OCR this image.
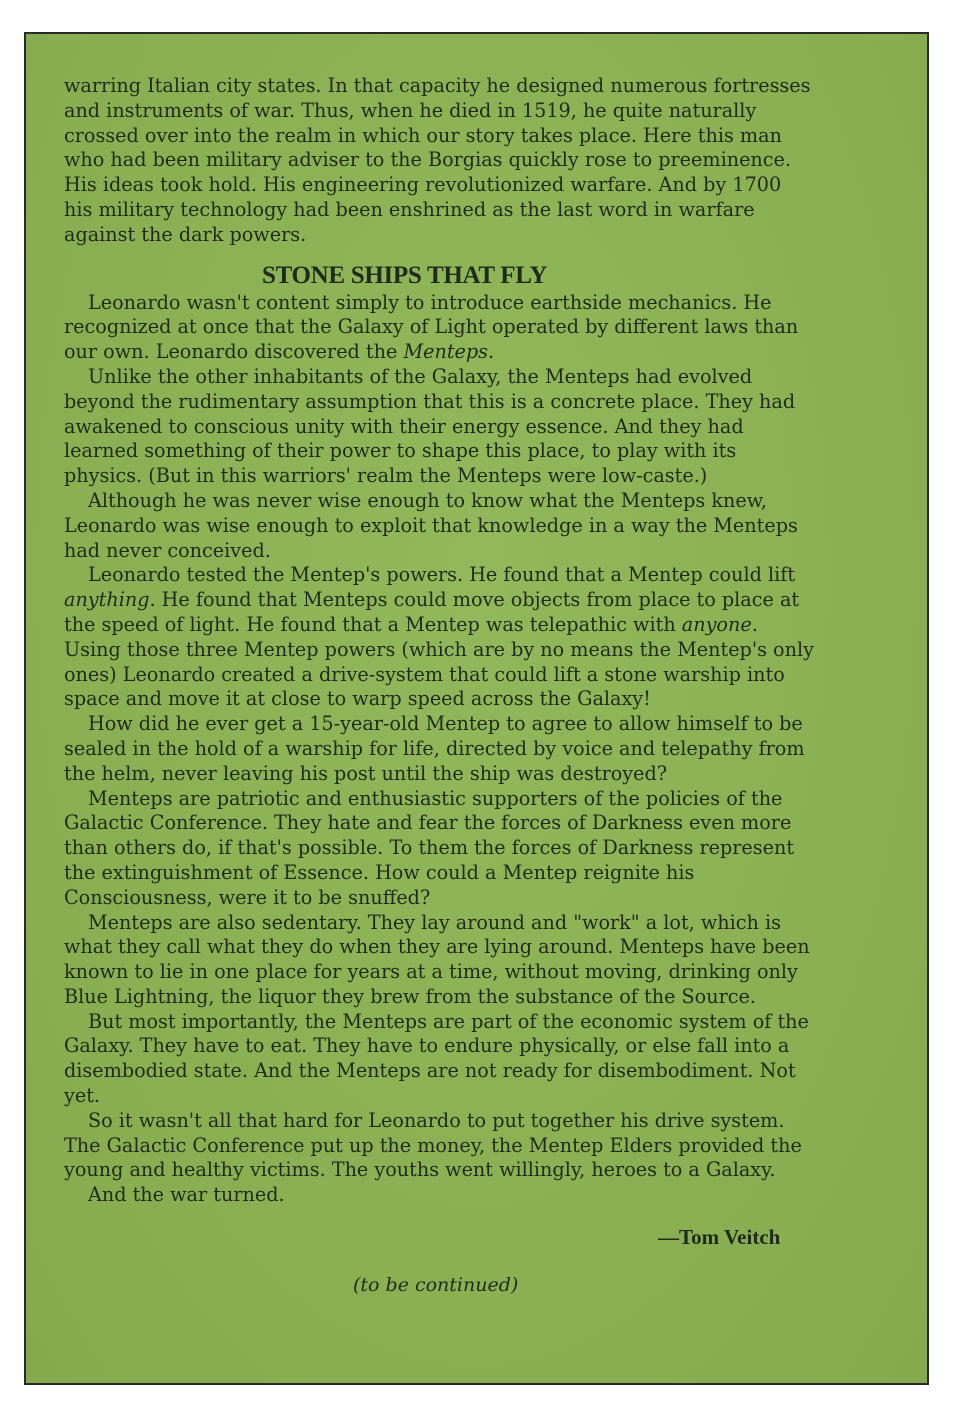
warring Italian city states. In that capacity he designed numerous fortresses and instruments of war. Thus, when he died in 1519, he quite naturally crossed over into the realm in which our story takes place. Here this man who had been military adviser to the Borgias quickly rose to preeminence. His ideas took hold. His engineering revolutionized warfare. And by 1700 his military technology had been enshrined as the last word in warfare against the dark powers.

STONE SHIPS THAT FLY

Leonardo wasn't content simply to introduce earthside mechanics. He recognized at once that the Galaxy of Light operated by different laws than our own. Leonardo discovered the Menteps.

Unlike the other inhabitants of the Galaxy, the Menteps had evolved beyond the rudimentary assumption that this is a concrete place. They had awakened to conscious unity with their energy essence. And they had learned something of their power to shape this place, to play with its physics. (But in this warriors' realm the Menteps were low-caste.)

Although he was never wise enough to know what the Menteps knew, Leonardo was wise enough to exploit that knowledge in a way the Menteps had never conceived.

Leonardo tested the Mentep's powers. He found that a Mentep could lift anything. He found that Menteps could move objects from place to place at the speed of light. He found that a Mentep was telepathic with anyone. Using those three Mentep powers (which are by no means the Mentep's only ones) Leonardo created a drive-system that could lift a stone warship into space and move it at close to warp speed across the Galaxy!

How did he ever get a 15-year-old Mentep to agree to allow himself to be sealed in the hold of a warship for life, directed by voice and telepathy from the helm, never leaving his post until the ship was destroyed?

Menteps are patriotic and enthusiastic supporters of the policies of the Galactic Conference. They hate and fear the forces of Darkness even more than others do, if that's possible. To them the forces of Darkness represent the extinguishment of Essence. How could a Mentep reignite his Consciousness, were it to be snuffed?

Menteps are also sedentary. They lay around and "work" a lot, which is what they call what they do when they are lying around. Menteps have been known to lie in one place for years at a time, without moving, drinking only Blue Lightning, the liquor they brew from the substance of the Source.

But most importantly, the Menteps are part of the economic system of the Galaxy. They have to eat. They have to endure physically, or else fall into a disembodied state. And the Menteps are not ready for disembodiment. Not yet.

So it wasn't all that hard for Leonardo to put together his drive system. The Galactic Conference put up the money, the Mentep Elders provided the young and healthy victims. The youths went willingly, heroes to a Galaxy.

And the war turned.

—Tom Veitch
(to be continued)
